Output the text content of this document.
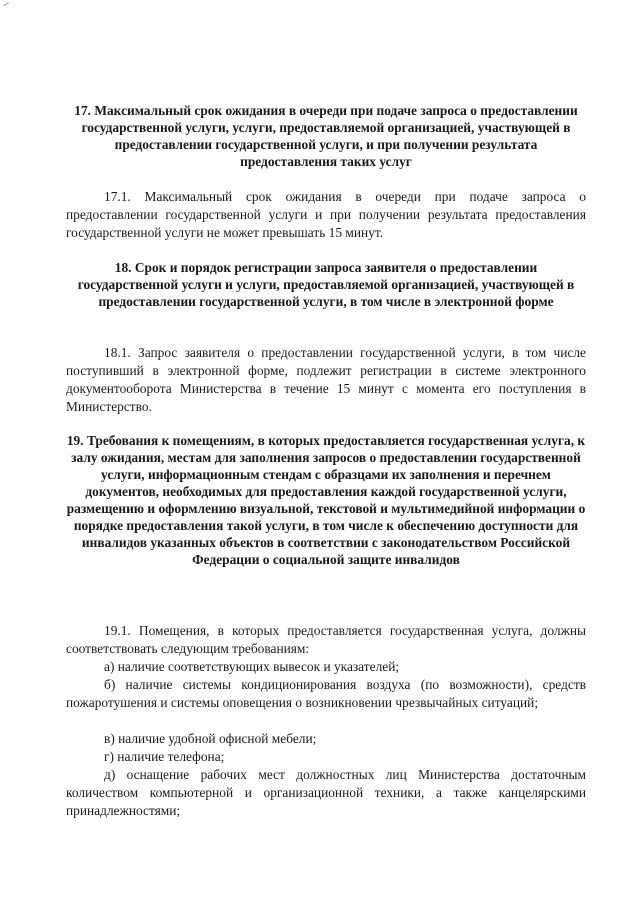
17. Максимальный срок ожидания в очереди при подаче запроса о предоставлении государственной услуги, услуги, предоставляемой организацией, участвующей в предоставлении государственной услуги, и при получении результата предоставления таких услуг

17.1. Максимальный срок ожидания в очереди при подаче запроса о предоставлении государственной услуги и при получении результата предоставления государственной услуги не может превышать 15 минут.

18. Срок и порядок регистрации запроса заявителя о предоставлении государственной услуги и услуги, предоставляемой организацией, участвующей в предоставлении государственной услуги, в том числе в электронной форме

18.1. Запрос заявителя о предоставлении государственной услуги, в том числе поступивший в электронной форме, подлежит регистрации в системе электронного документооборота Министерства в течение 15 минут с момента его поступления в Министерство.

19. Требования к помещениям, в которых предоставляется государственная услуга, к залу ожидания, местам для заполнения запросов о предоставлении государственной услуги, информационным стендам с образцами их заполнения и перечнем документов, необходимых для предоставления каждой государственной услуги, размещению и оформлению визуальной, текстовой и мультимедийной информации о порядке предоставления такой услуги, в том числе к обеспечению доступности для инвалидов указанных объектов в соответствии с законодательством Российской Федерации о социальной защите инвалидов

19.1. Помещения, в которых предоставляется государственная услуга, должны соответствовать следующим требованиям:

а) наличие соответствующих вывесок и указателей;

б) наличие системы кондиционирования воздуха (по возможности), средств пожаротушения и системы оповещения о возникновении чрезвычайных ситуаций;

в) наличие удобной офисной мебели;

г) наличие телефона;

д) оснащение рабочих мест должностных лиц Министерства достаточным количеством компьютерной и организационной техники, а также канцелярскими принадлежностями;
